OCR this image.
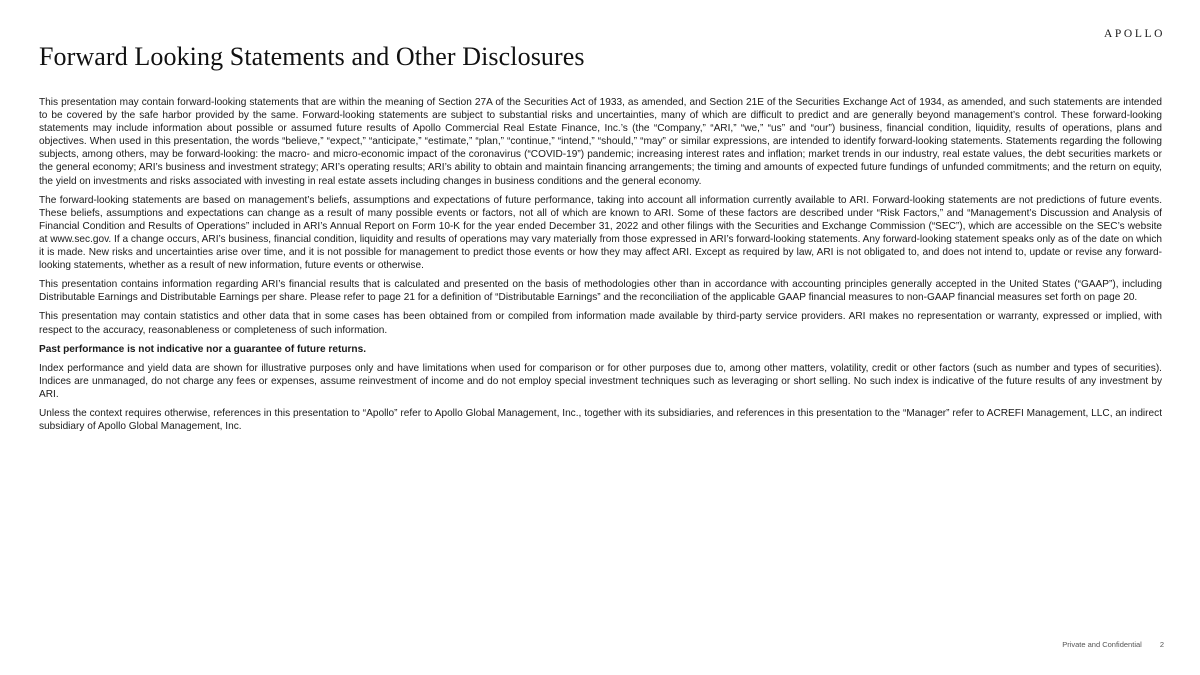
APOLLO
Forward Looking Statements and Other Disclosures

This presentation may contain forward-looking statements that are within the meaning of Section 27A of the Securities Act of 1933, as amended, and Section 21E of the Securities Exchange Act of 1934, as amended, and such statements are intended to be covered by the safe harbor provided by the same. Forward-looking statements are subject to substantial risks and uncertainties, many of which are difficult to predict and are generally beyond management’s control. These forward-looking statements may include information about possible or assumed future results of Apollo Commercial Real Estate Finance, Inc.’s (the “Company,” “ARI,” “we,” “us” and “our”) business, financial condition, liquidity, results of operations, plans and objectives. When used in this presentation, the words “believe,” “expect,” “anticipate,” “estimate,” “plan,” “continue,” “intend,” “should,” “may” or similar expressions, are intended to identify forward-looking statements. Statements regarding the following subjects, among others, may be forward-looking: the macro- and micro-economic impact of the coronavirus (“COVID-19”) pandemic; increasing interest rates and inflation; market trends in our industry, real estate values, the debt securities markets or the general economy; ARI’s business and investment strategy; ARI’s operating results; ARI’s ability to obtain and maintain financing arrangements; the timing and amounts of expected future fundings of unfunded commitments; and the return on equity, the yield on investments and risks associated with investing in real estate assets including changes in business conditions and the general economy.

The forward-looking statements are based on management’s beliefs, assumptions and expectations of future performance, taking into account all information currently available to ARI. Forward-looking statements are not predictions of future events. These beliefs, assumptions and expectations can change as a result of many possible events or factors, not all of which are known to ARI. Some of these factors are described under “Risk Factors,” and “Management’s Discussion and Analysis of Financial Condition and Results of Operations” included in ARI’s Annual Report on Form 10-K for the year ended December 31, 2022 and other filings with the Securities and Exchange Commission (“SEC”), which are accessible on the SEC’s website at www.sec.gov. If a change occurs, ARI’s business, financial condition, liquidity and results of operations may vary materially from those expressed in ARI’s forward-looking statements. Any forward-looking statement speaks only as of the date on which it is made. New risks and uncertainties arise over time, and it is not possible for management to predict those events or how they may affect ARI. Except as required by law, ARI is not obligated to, and does not intend to, update or revise any forward-looking statements, whether as a result of new information, future events or otherwise.

This presentation contains information regarding ARI’s financial results that is calculated and presented on the basis of methodologies other than in accordance with accounting principles generally accepted in the United States (“GAAP”), including Distributable Earnings and Distributable Earnings per share. Please refer to page 21 for a definition of “Distributable Earnings” and the reconciliation of the applicable GAAP financial measures to non-GAAP financial measures set forth on page 20.

This presentation may contain statistics and other data that in some cases has been obtained from or compiled from information made available by third-party service providers. ARI makes no representation or warranty, expressed or implied, with respect to the accuracy, reasonableness or completeness of such information.

Past performance is not indicative nor a guarantee of future returns.

Index performance and yield data are shown for illustrative purposes only and have limitations when used for comparison or for other purposes due to, among other matters, volatility, credit or other factors (such as number and types of securities). Indices are unmanaged, do not charge any fees or expenses, assume reinvestment of income and do not employ special investment techniques such as leveraging or short selling. No such index is indicative of the future results of any investment by ARI.

Unless the context requires otherwise, references in this presentation to “Apollo” refer to Apollo Global Management, Inc., together with its subsidiaries, and references in this presentation to the “Manager” refer to ACREFI Management, LLC, an indirect subsidiary of Apollo Global Management, Inc.

Private and Confidential 2
